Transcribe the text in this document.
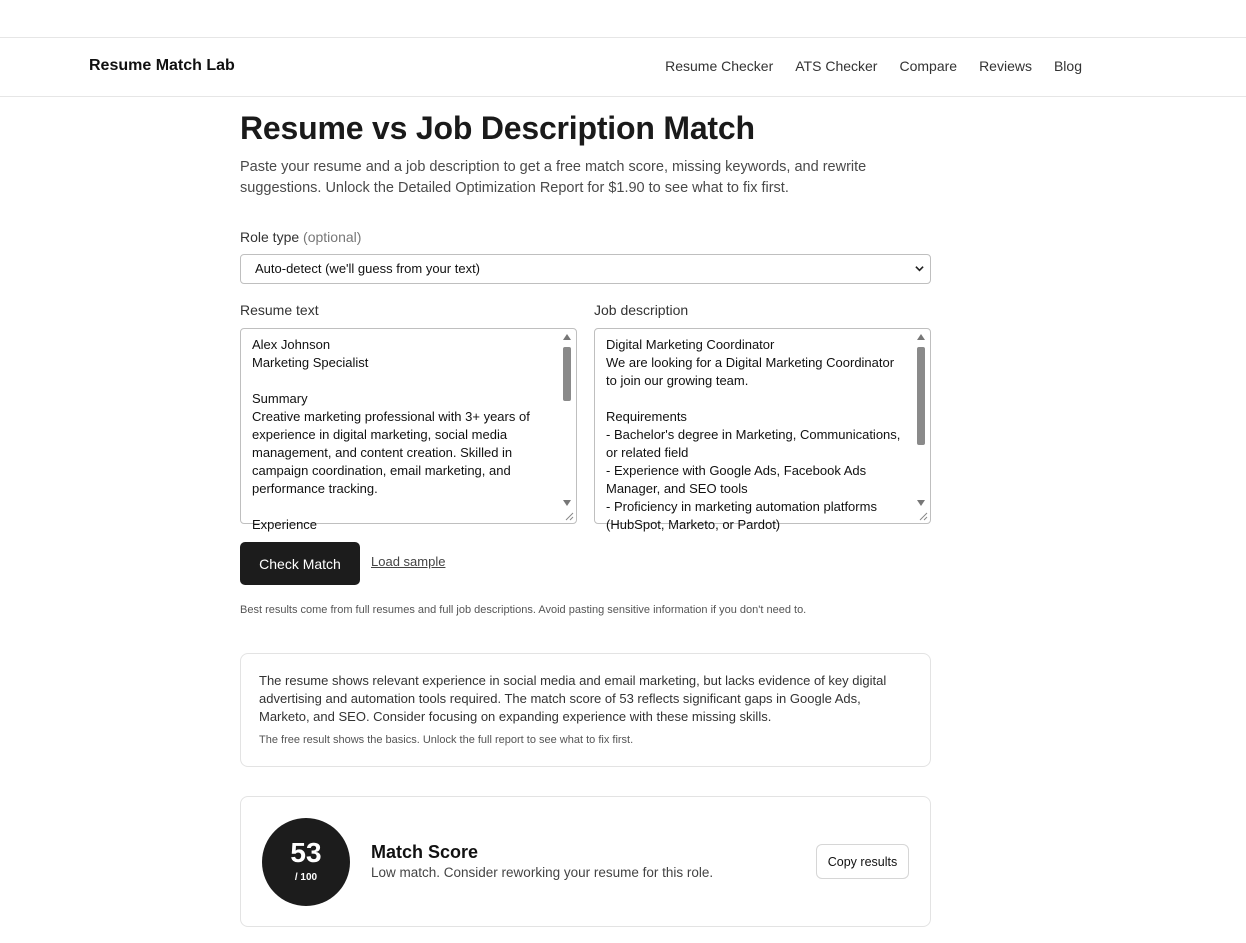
Resume Match Lab	Resume Checker ATS Checker Compare Reviews Blog
Resume vs Job Description Match

Paste your resume and a job description to get a free match score, missing keywords, and rewrite suggestions. Unlock the Detailed Optimization Report for $1.90 to see what to fix first.

Role type (optional)
Auto-detect (we'll guess from your text)
Resume text	Job description
Alex Johnson
Marketing Specialist

Summary
Creative marketing professional with 3+ years of experience in digital marketing, social media management, and content creation. Skilled in campaign coordination, email marketing, and performance tracking.

Experience
Digital Marketing Coordinator
We are looking for a Digital Marketing Coordinator to join our growing team.

Requirements
- Bachelor's degree in Marketing, Communications, or related field
- Experience with Google Ads, Facebook Ads Manager, and SEO tools
- Proficiency in marketing automation platforms (HubSpot, Marketo, or Pardot)
Check Match	Load sample
Best results come from full resumes and full job descriptions. Avoid pasting sensitive information if you don't need to.
The resume shows relevant experience in social media and email marketing, but lacks evidence of key digital advertising and automation tools required. The match score of 53 reflects significant gaps in Google Ads, Marketo, and SEO. Consider focusing on expanding experience with these missing skills.
The free result shows the basics. Unlock the full report to see what to fix first.
53
/ 100
Match Score
Low match. Consider reworking your resume for this role.
Copy results
